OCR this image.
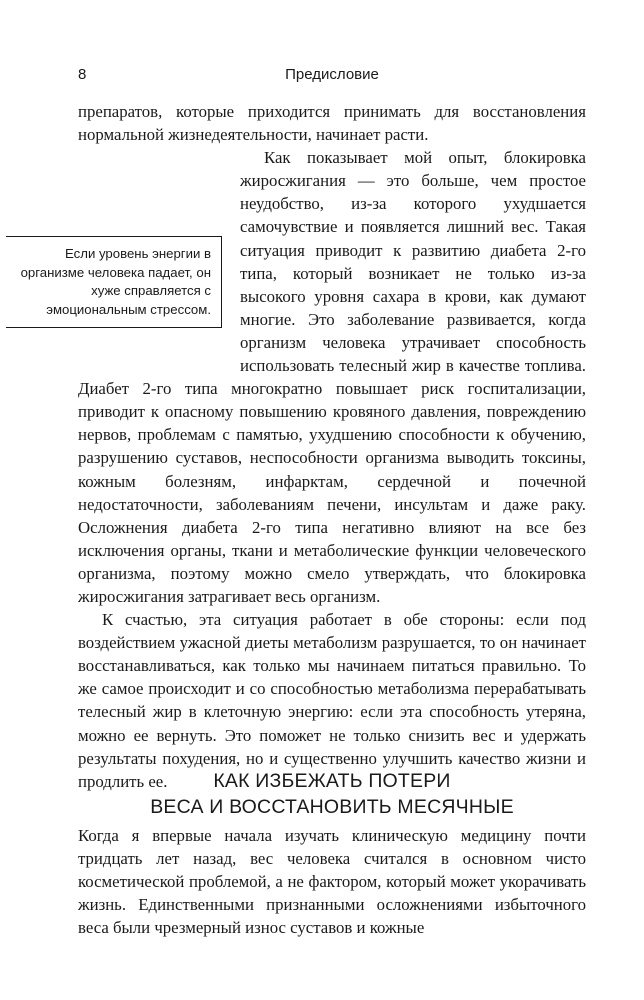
8	Предисловие

препаратов, которые приходится принимать для восстановления нормальной жизнедеятельности, начинает расти.

Как показывает мой опыт, блокировка жиросжигания — это больше, чем простое неудобство, из-за которого ухудшается самочувствие и появляется лишний вес. Такая ситуация приводит к развитию диабета 2-го типа, который возникает не только из-за высокого уровня сахара в крови, как думают многие. Это заболевание развивается, когда организм человека утрачивает способность использовать телесный жир в качестве топлива. Диабет 2-го типа многократно повышает риск госпитализации, приводит к опасному повышению кровяного давления, повреждению нервов, проблемам с памятью, ухудшению способности к обучению, разрушению суставов, неспособности организма выводить токсины, кожным болезням, инфарктам, сердечной и почечной недостаточности, заболеваниям печени, инсультам и даже раку. Осложнения диабета 2-го типа негативно влияют на все без исключения органы, ткани и метаболические функции человеческого организма, поэтому можно смело утверждать, что блокировка жиросжигания затрагивает весь организм.

К счастью, эта ситуация работает в обе стороны: если под воздействием ужасной диеты метаболизм разрушается, то он начинает восстанавливаться, как только мы начинаем питаться правильно. То же самое происходит и со способностью метаболизма перерабатывать телесный жир в клеточную энергию: если эта способность утеряна, можно ее вернуть. Это поможет не только снизить вес и удержать результаты похудения, но и существенно улучшить качество жизни и продлить ее.

Если уровень энергии в организме человека падает, он хуже справляется с эмоциональным стрессом.
КАК ИЗБЕЖАТЬ ПОТЕРИ
ВЕСА И ВОССТАНОВИТЬ МЕСЯЧНЫЕ

Когда я впервые начала изучать клиническую медицину почти тридцать лет назад, вес человека считался в основном чисто косметической проблемой, а не фактором, который может укорачивать жизнь. Единственными признанными осложнениями избыточного веса были чрезмерный износ суставов и кожные
